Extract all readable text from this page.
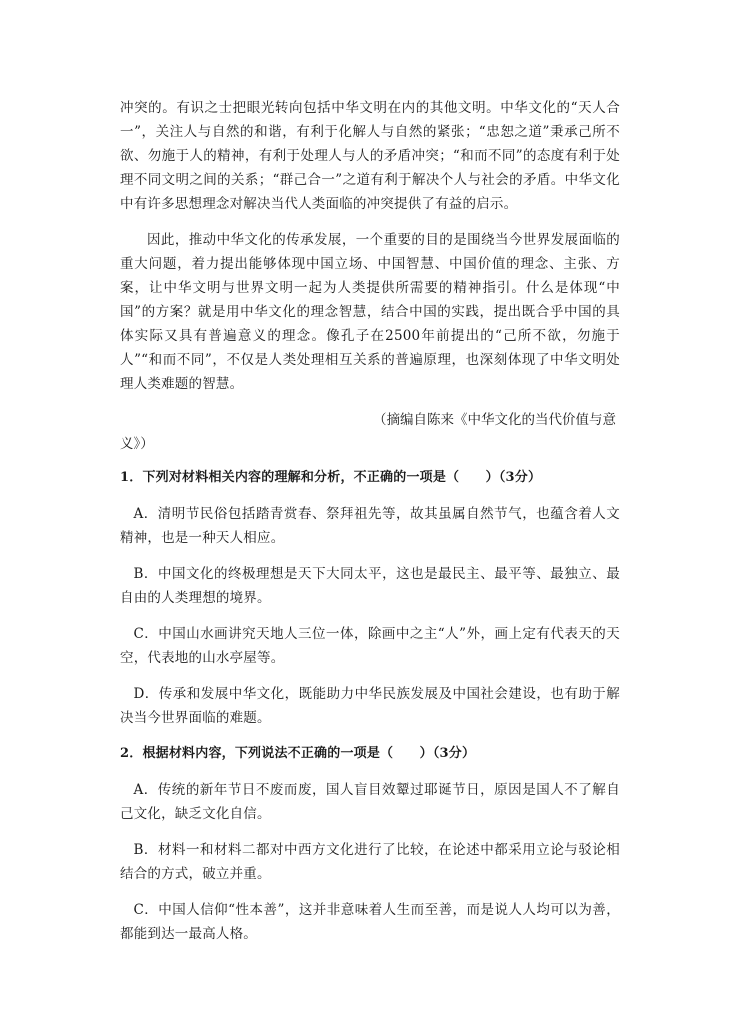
冲突的。有识之士把眼光转向包括中华文明在内的其他文明。中华文化的“天人合一”，关注人与自然的和谐，有利于化解人与自然的紧张；“忠恕之道”秉承己所不欲、勿施于人的精神，有利于处理人与人的矛盾冲突；“和而不同”的态度有利于处理不同文明之间的关系；“群己合一”之道有利于解决个人与社会的矛盾。中华文化中有许多思想理念对解决当代人类面临的冲突提供了有益的启示。

因此，推动中华文化的传承发展，一个重要的目的是围绕当今世界发展面临的重大问题，着力提出能够体现中国立场、中国智慧、中国价值的理念、主张、方案，让中华文明与世界文明一起为人类提供所需要的精神指引。什么是体现“中国”的方案？就是用中华文化的理念智慧，结合中国的实践，提出既合乎中国的具体实际又具有普遍意义的理念。像孔子在2500年前提出的“己所不欲，勿施于人”“和而不同”，不仅是人类处理相互关系的普遍原理，也深刻体现了中华文明处理人类难题的智慧。

（摘编自陈来《中华文化的当代价值与意
义》）

1．下列对材料相关内容的理解和分析，不正确的一项是（　　）（3分）

A．清明节民俗包括踏青赏春、祭拜祖先等，故其虽属自然节气，也蕴含着人文精神，也是一种天人相应。

B．中国文化的终极理想是天下大同太平，这也是最民主、最平等、最独立、最自由的人类理想的境界。

C．中国山水画讲究天地人三位一体，除画中之主“人”外，画上定有代表天的天空，代表地的山水亭屋等。

D．传承和发展中华文化，既能助力中华民族发展及中国社会建设，也有助于解决当今世界面临的难题。

2．根据材料内容，下列说法不正确的一项是（　　）（3分）

A．传统的新年节日不废而废，国人盲目效颦过耶诞节日，原因是国人不了解自己文化，缺乏文化自信。

B．材料一和材料二都对中西方文化进行了比较，在论述中都采用立论与驳论相结合的方式，破立并重。

C．中国人信仰“性本善”，这并非意味着人生而至善，而是说人人均可以为善，都能到达一最高人格。
